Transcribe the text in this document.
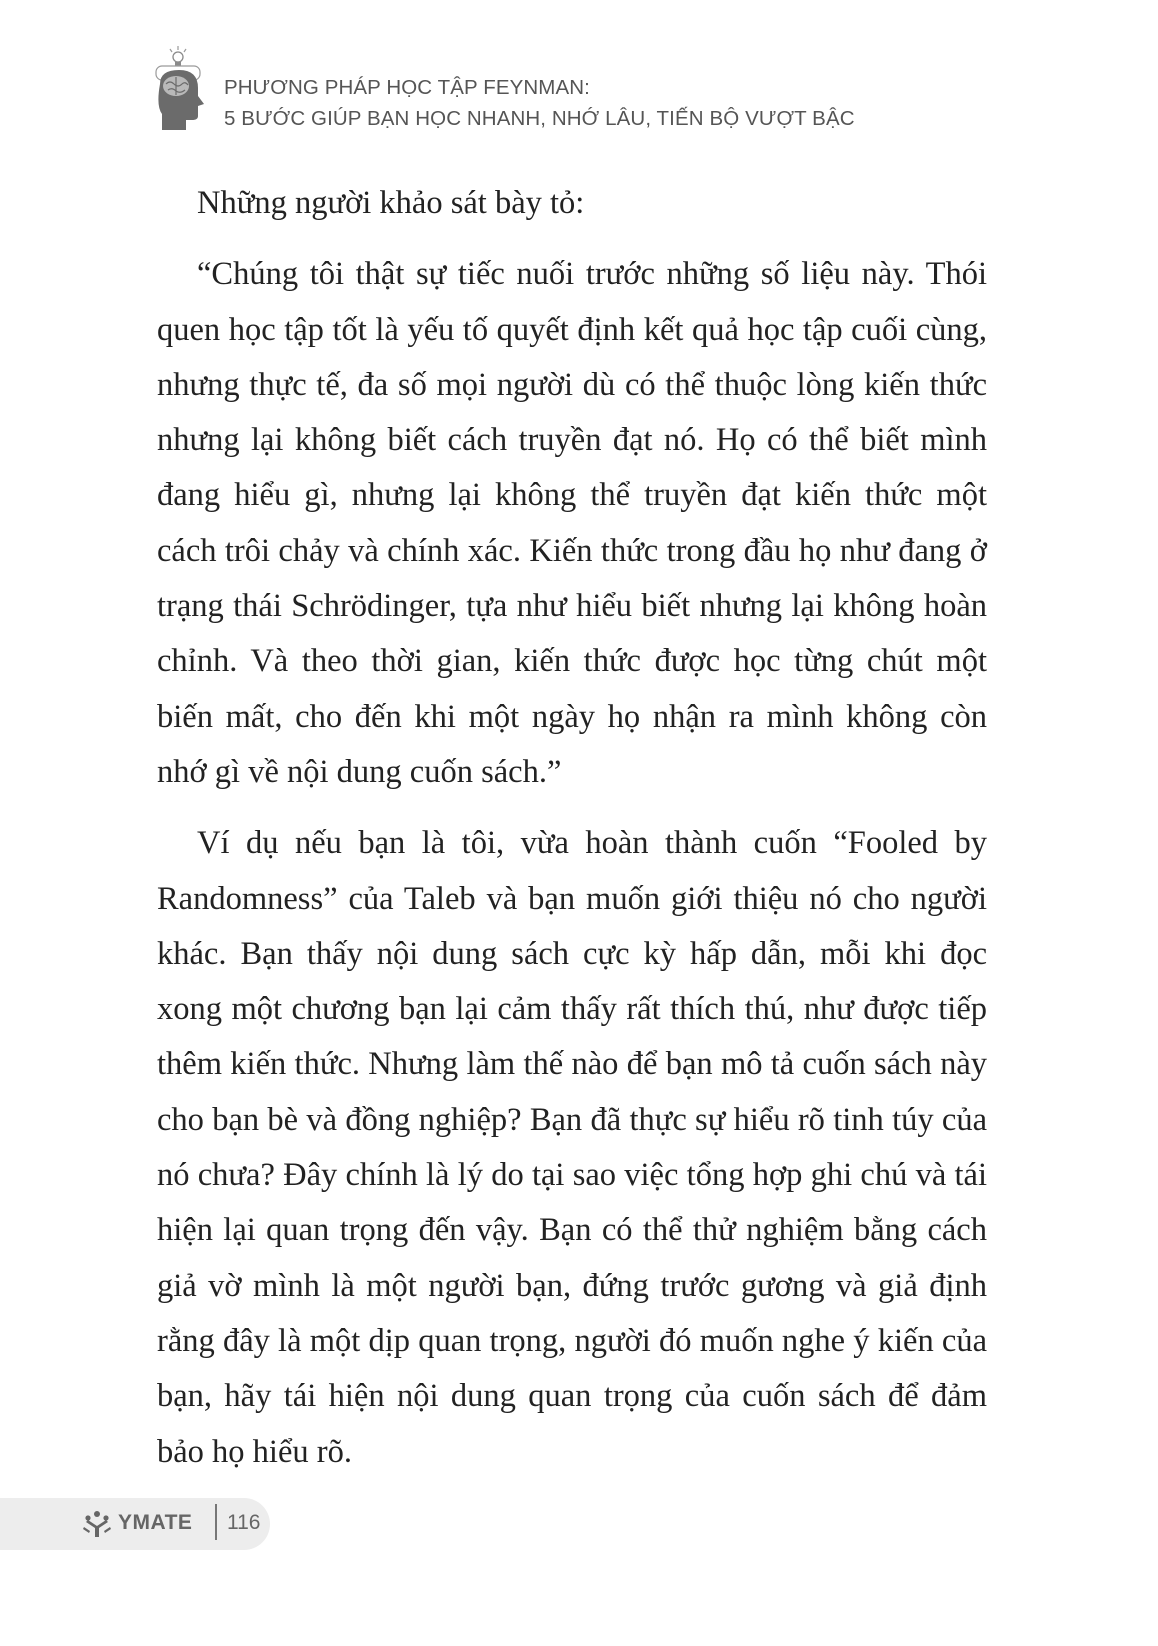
PHƯƠNG PHÁP HỌC TẬP FEYNMAN:
5 BƯỚC GIÚP BẠN HỌC NHANH, NHỚ LÂU, TIẾN BỘ VƯỢT BẬC

Những người khảo sát bày tỏ:

“Chúng tôi thật sự tiếc nuối trước những số liệu này. Thói quen học tập tốt là yếu tố quyết định kết quả học tập cuối cùng, nhưng thực tế, đa số mọi người dù có thể thuộc lòng kiến thức nhưng lại không biết cách truyền đạt nó. Họ có thể biết mình đang hiểu gì, nhưng lại không thể truyền đạt kiến thức một cách trôi chảy và chính xác. Kiến thức trong đầu họ như đang ở trạng thái Schrödinger, tựa như hiểu biết nhưng lại không hoàn chỉnh. Và theo thời gian, kiến thức được học từng chút một biến mất, cho đến khi một ngày họ nhận ra mình không còn nhớ gì về nội dung cuốn sách.”

Ví dụ nếu bạn là tôi, vừa hoàn thành cuốn “Fooled by Randomness” của Taleb và bạn muốn giới thiệu nó cho người khác. Bạn thấy nội dung sách cực kỳ hấp dẫn, mỗi khi đọc xong một chương bạn lại cảm thấy rất thích thú, như được tiếp thêm kiến thức. Nhưng làm thế nào để bạn mô tả cuốn sách này cho bạn bè và đồng nghiệp? Bạn đã thực sự hiểu rõ tinh túy của nó chưa? Đây chính là lý do tại sao việc tổng hợp ghi chú và tái hiện lại quan trọng đến vậy. Bạn có thể thử nghiệm bằng cách giả vờ mình là một người bạn, đứng trước gương và giả định rằng đây là một dịp quan trọng, người đó muốn nghe ý kiến của bạn, hãy tái hiện nội dung quan trọng của cuốn sách để đảm bảo họ hiểu rõ.

YMATE 116
